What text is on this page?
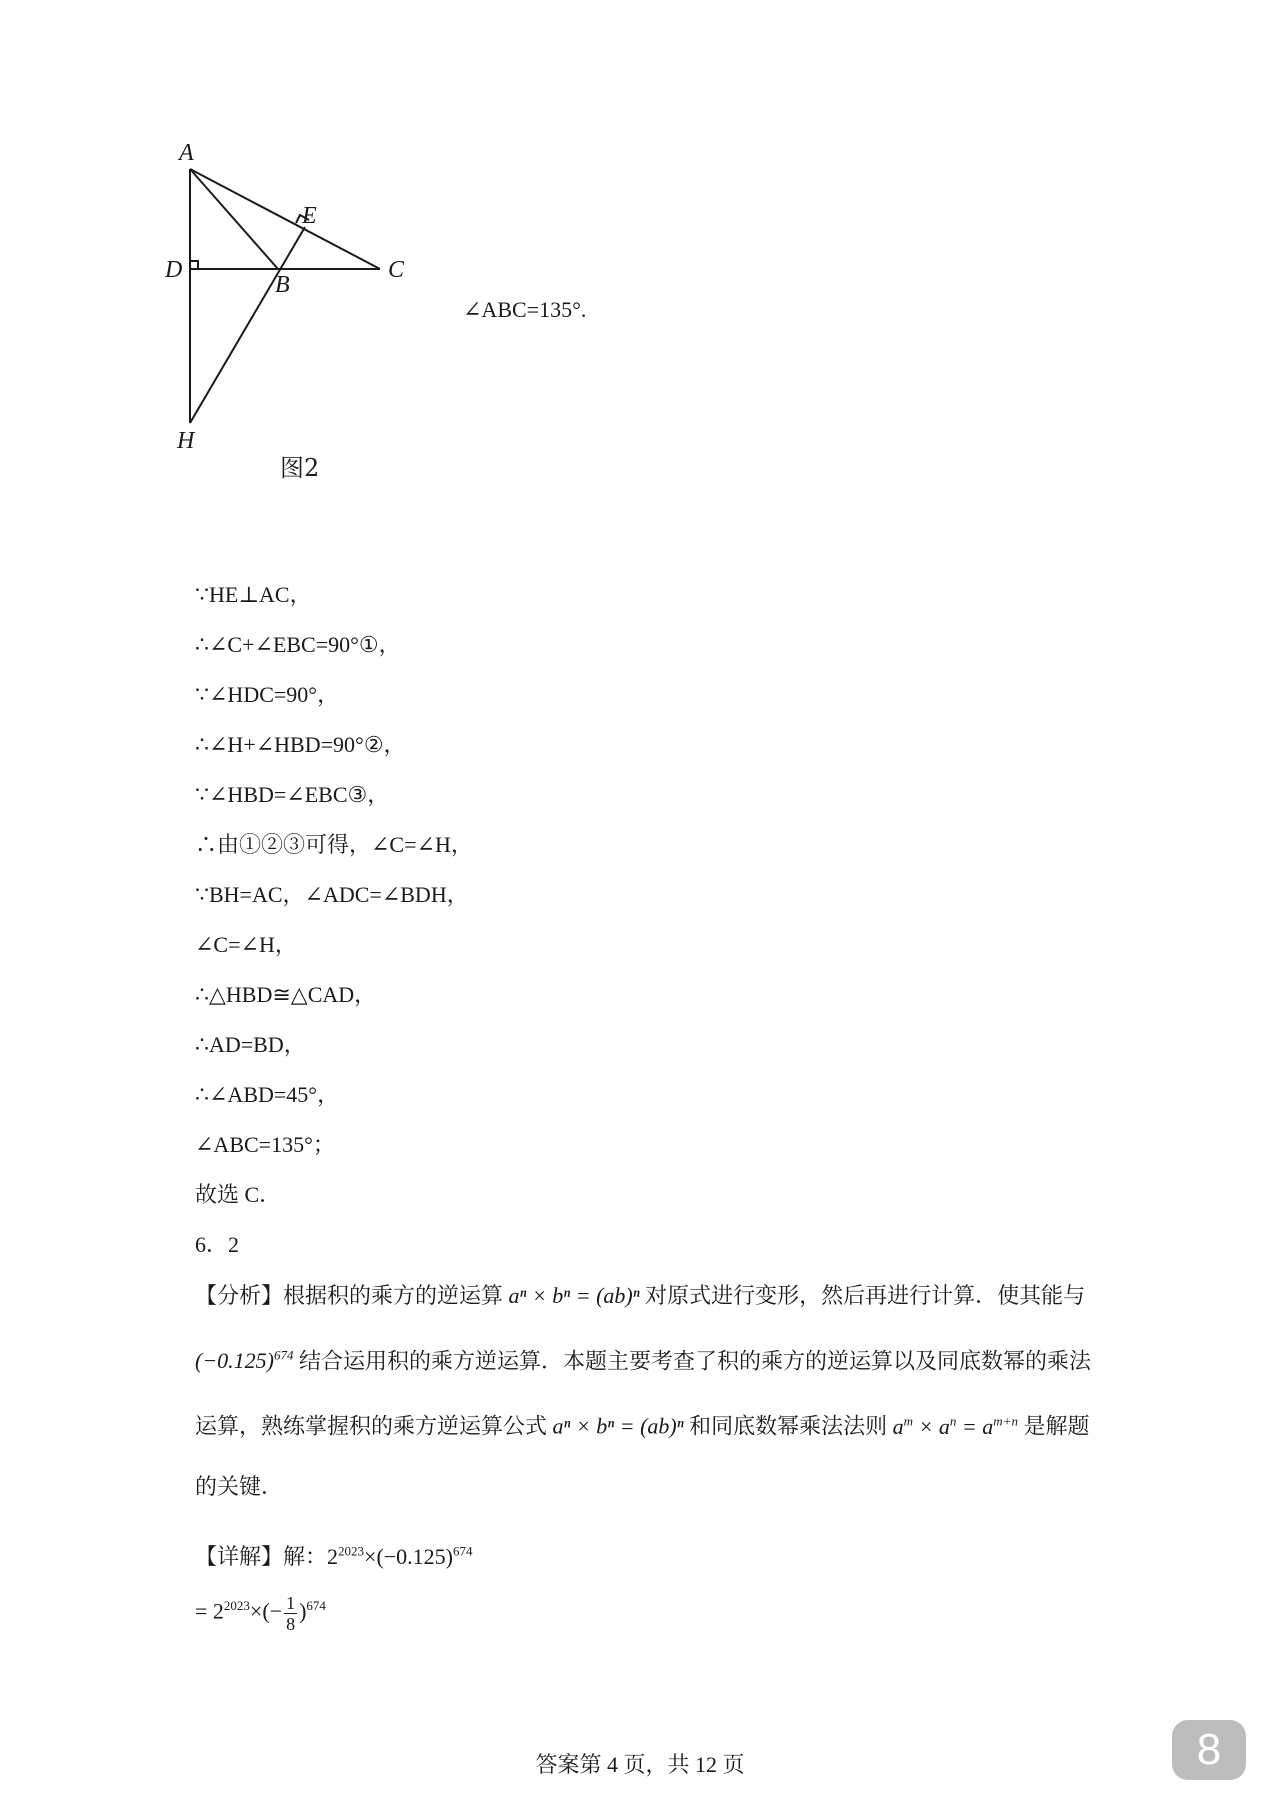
A
E
D
B
C
H
图2
∠ABC=135°.
∵HE⊥AC，
∴∠C+∠EBC=90°①，
∵∠HDC=90°，
∴∠H+∠HBD=90°②，
∵∠HBD=∠EBC③，
∴由①②③可得，∠C=∠H，
∵BH=AC，∠ADC=∠BDH，
∠C=∠H，
∴△HBD≅△CAD，
∴AD=BD，
∴∠ABD=45°，
∠ABC=135°；
故选 C．
6．2
【分析】根据积的乘方的逆运算 aⁿ × bⁿ = (ab)ⁿ 对原式进行变形，然后再进行计算．使其能与 $(-0.125)^{674}$ 结合运用积的乘方逆运算．本题主要考查了积的乘方的逆运算以及同底数幂的乘法运算，熟练掌握积的乘方逆运算公式 aⁿ × bⁿ = (ab)ⁿ 和同底数幂乘法法则 $a^m \times a^n = a^{m+n}$ 是解题的关键．
【详解】解：$2^{2023}\times(-0.125)^{674}$
= $2^{2023}\times(- \frac{1}{8} )^{674}$
答案第 4 页，共 12 页	8
